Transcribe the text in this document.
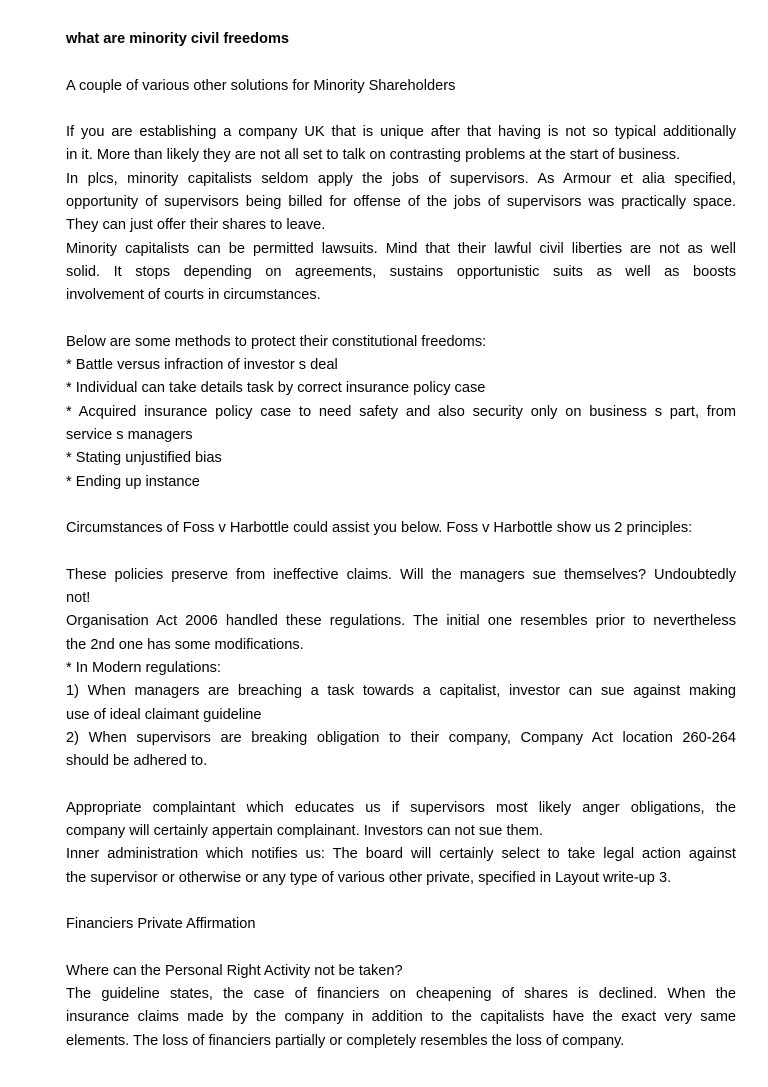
what are minority civil freedoms
A couple of various other solutions for Minority Shareholders
If you are establishing a company UK that is unique after that having is not so typical additionally
in it. More than likely they are not all set to talk on contrasting problems at the start of business.
In plcs, minority capitalists seldom apply the jobs of supervisors. As Armour et alia specified,
opportunity of supervisors being billed for offense of the jobs of supervisors was practically space.
They can just offer their shares to leave.
Minority capitalists can be permitted lawsuits. Mind that their lawful civil liberties are not as well
solid. It stops depending on agreements, sustains opportunistic suits as well as boosts
involvement of courts in circumstances.
Below are some methods to protect their constitutional freedoms:
* Battle versus infraction of investor s deal
* Individual can take details task by correct insurance policy case
* Acquired insurance policy case to need safety and also security only on business s part, from
service s managers
* Stating unjustified bias
* Ending up instance
Circumstances of Foss v Harbottle could assist you below. Foss v Harbottle show us 2 principles:
These policies preserve from ineffective claims. Will the managers sue themselves? Undoubtedly
not!
Organisation Act 2006 handled these regulations. The initial one resembles prior to nevertheless
the 2nd one has some modifications.
* In Modern regulations:
1) When managers are breaching a task towards a capitalist, investor can sue against making
use of ideal claimant guideline
2) When supervisors are breaking obligation to their company, Company Act location 260-264
should be adhered to.
Appropriate complaintant which educates us if supervisors most likely anger obligations, the
company will certainly appertain complainant. Investors can not sue them.
Inner administration which notifies us: The board will certainly select to take legal action against
the supervisor or otherwise or any type of various other private, specified in Layout write-up 3.
Financiers Private Affirmation
Where can the Personal Right Activity not be taken?
The guideline states, the case of financiers on cheapening of shares is declined. When the
insurance claims made by the company in addition to the capitalists have the exact very same
elements. The loss of financiers partially or completely resembles the loss of company.
